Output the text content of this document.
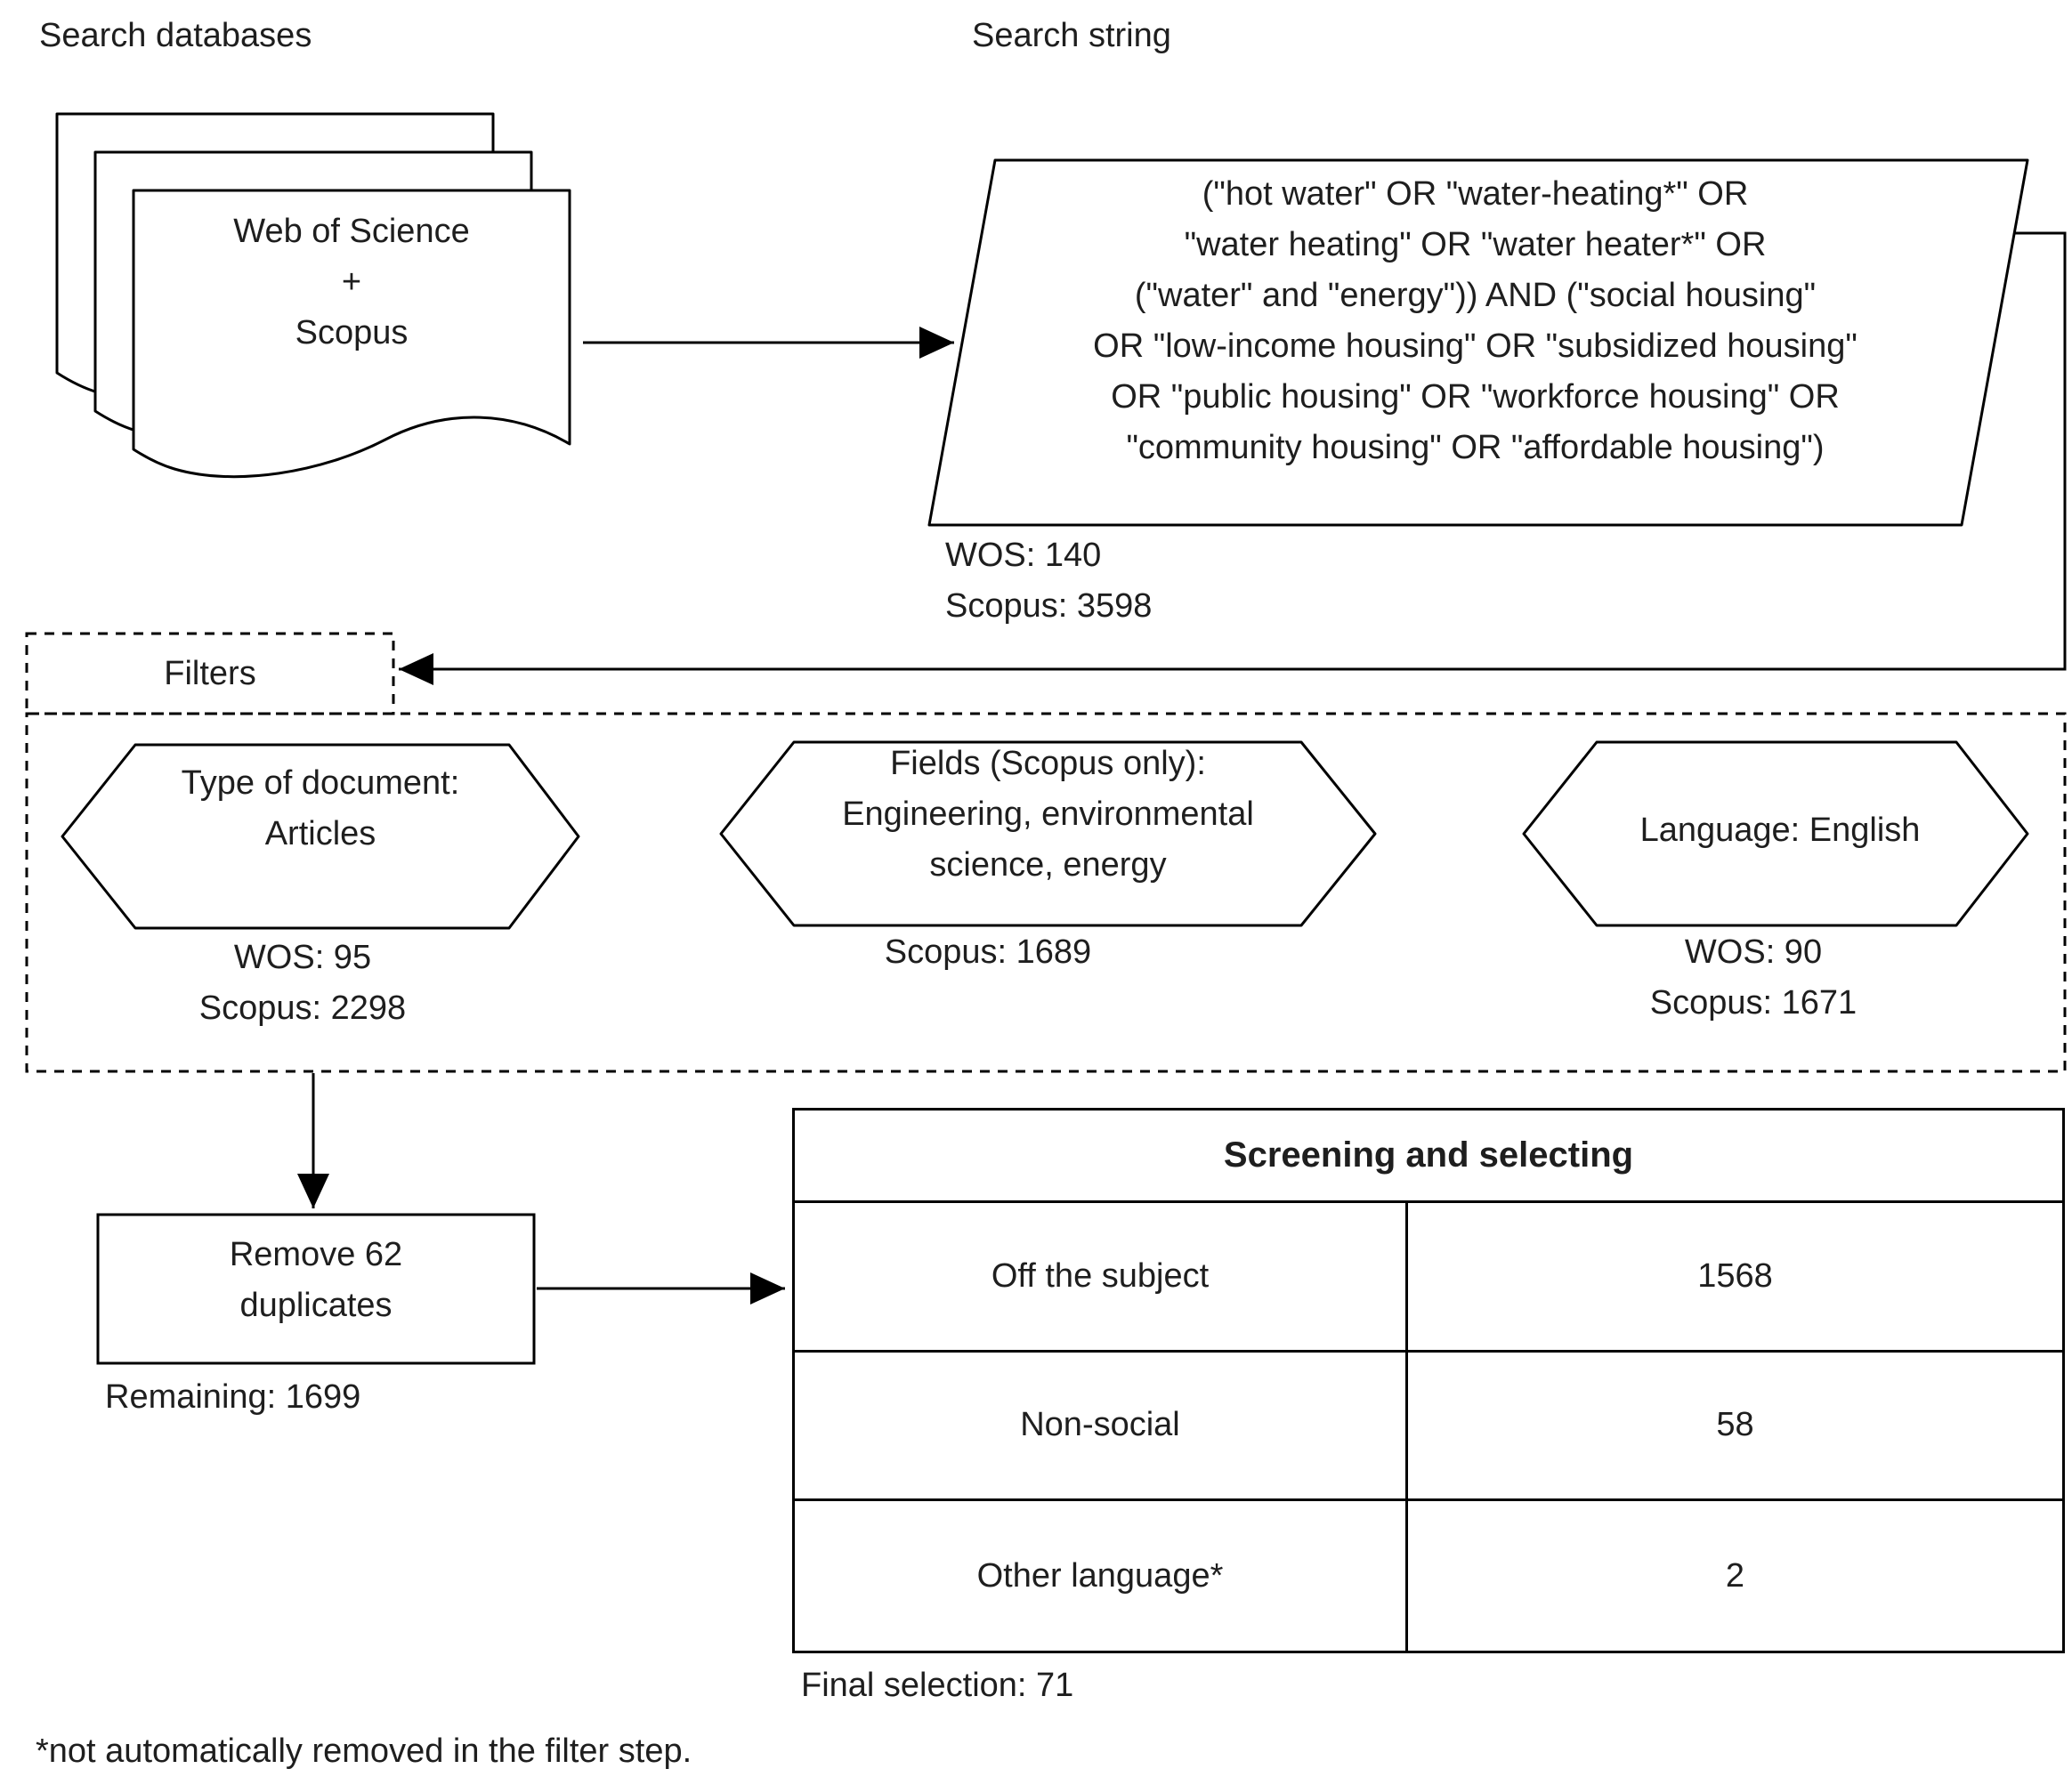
Search databases	Search string
Web of Science
+
Scopus
("hot water" OR "water-heating*" OR
"water heating" OR "water heater*" OR
("water" and "energy")) AND ("social housing"
OR "low-income housing" OR "subsidized housing"
OR "public housing" OR "workforce housing" OR
"community housing" OR "affordable housing")
WOS: 140
Scopus: 3598
Filters
Type of document:
Articles
WOS: 95
Scopus: 2298
Fields (Scopus only):
Engineering, environmental
science, energy
Scopus: 1689
Language: English
WOS: 90
Scopus: 1671
Remove 62
duplicates
Remaining: 1699
Screening and selecting
Off the subject	1568
Non-social	58
Other language*	2
Final selection: 71
*not automatically removed in the filter step.
